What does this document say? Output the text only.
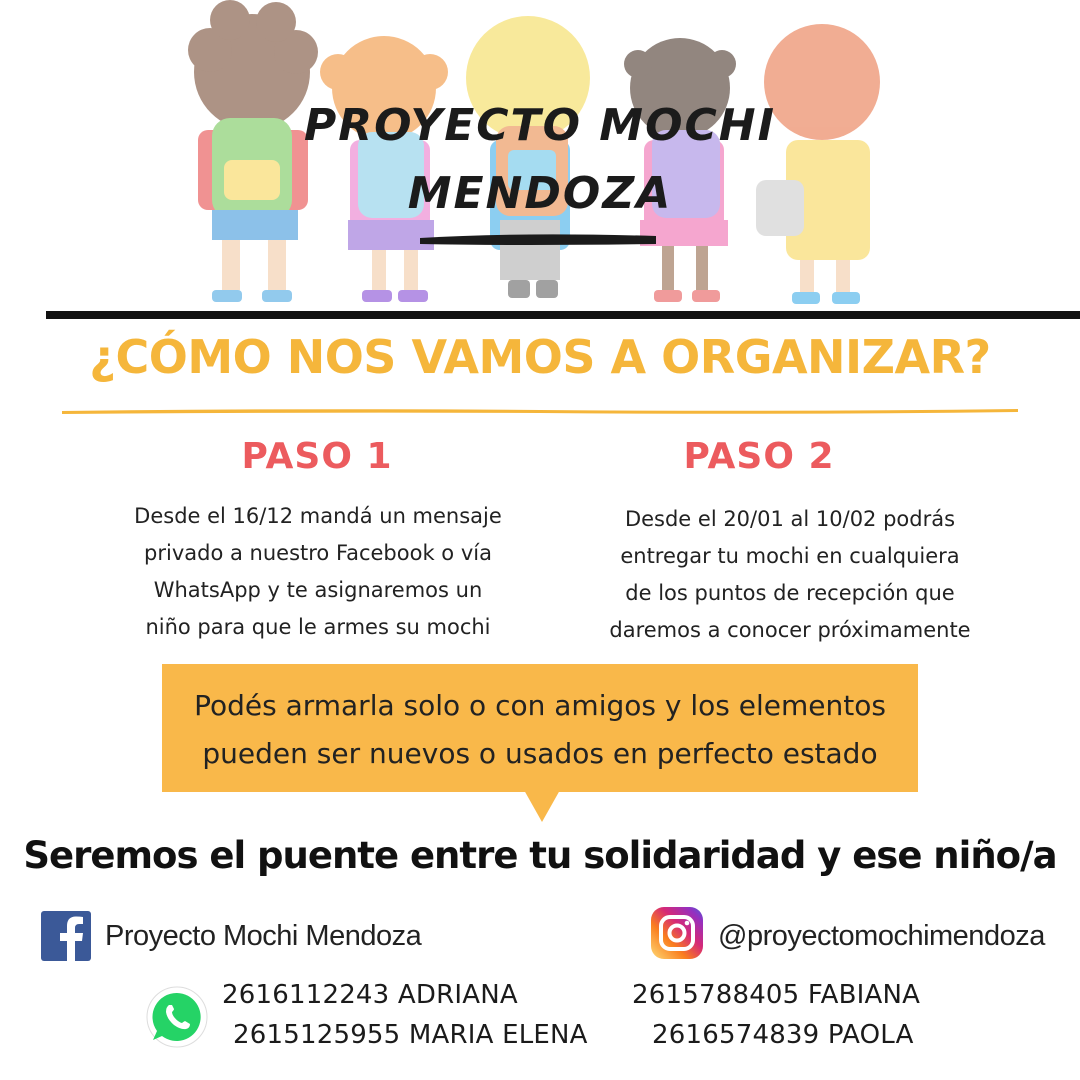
PROYECTO MOCHI
MENDOZA
¿CÓMO NOS VAMOS A ORGANIZAR?
PASO 1
Desde el 16/12 mandá un mensaje
privado a nuestro Facebook o vía
WhatsApp y te asignaremos un
niño para que le armes su mochi
PASO 2
Desde el 20/01 al 10/02 podrás
entregar tu mochi en cualquiera
de los puntos de recepción que
daremos a conocer próximamente
Podés armarla solo o con amigos y los elementos
pueden ser nuevos o usados en perfecto estado
Seremos el puente entre tu solidaridad y ese niño/a
Proyecto Mochi Mendoza	@proyectomochimendoza
2616112243 ADRIANA
2615125955 MARIA ELENA
2615788405 FABIANA
2616574839 PAOLA
